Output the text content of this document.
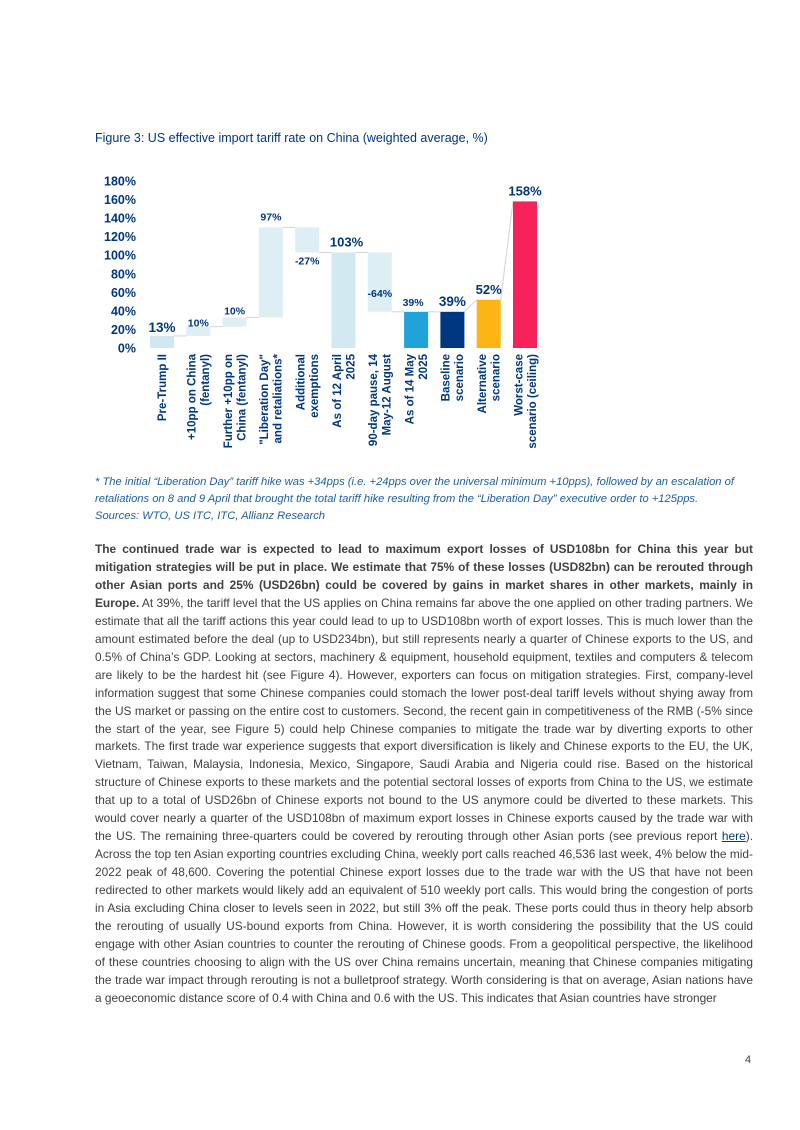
Figure 3: US effective import tariff rate on China (weighted average, %)

0%
20%
40%
60%
80%
100%
120%
140%
160%
180%
13% 10%
10%
97%
-27%
103%
-64%
39% 39%
52%
158%
Pre-Trump II +10pp on China (fentanyl) Further +10pp on China (fentanyl) "Liberation Day" and retaliations* Additional exemptions As of 12 April 2025 90-day pause, 14 May-12 August As of 14 May 2025 Baseline scenario Alternative scenario Worst-case scenario (ceiling)

* The initial “Liberation Day” tariff hike was +34pps (i.e. +24pps over the universal minimum +10pps), followed by an escalation of retaliations on 8 and 9 April that brought the total tariff hike resulting from the “Liberation Day” executive order to +125pps.

Sources: WTO, US ITC, ITC, Allianz Research

The continued trade war is expected to lead to maximum export losses of USD108bn for China this year but mitigation strategies will be put in place. We estimate that 75% of these losses (USD82bn) can be rerouted through other Asian ports and 25% (USD26bn) could be covered by gains in market shares in other markets, mainly in Europe. At 39%, the tariff level that the US applies on China remains far above the one applied on other trading partners. We estimate that all the tariff actions this year could lead to up to USD108bn worth of export losses. This is much lower than the amount estimated before the deal (up to USD234bn), but still represents nearly a quarter of Chinese exports to the US, and 0.5% of China’s GDP. Looking at sectors, machinery & equipment, household equipment, textiles and computers & telecom are likely to be the hardest hit (see Figure 4). However, exporters can focus on mitigation strategies. First, company-level information suggest that some Chinese companies could stomach the lower post-deal tariff levels without shying away from the US market or passing on the entire cost to customers. Second, the recent gain in competitiveness of the RMB (-5% since the start of the year, see Figure 5) could help Chinese companies to mitigate the trade war by diverting exports to other markets. The first trade war experience suggests that export diversification is likely and Chinese exports to the EU, the UK, Vietnam, Taiwan, Malaysia, Indonesia, Mexico, Singapore, Saudi Arabia and Nigeria could rise. Based on the historical structure of Chinese exports to these markets and the potential sectoral losses of exports from China to the US, we estimate that up to a total of USD26bn of Chinese exports not bound to the US anymore could be diverted to these markets. This would cover nearly a quarter of the USD108bn of maximum export losses in Chinese exports caused by the trade war with the US. The remaining three-quarters could be covered by rerouting through other Asian ports (see previous report here). Across the top ten Asian exporting countries excluding China, weekly port calls reached 46,536 last week, 4% below the mid-2022 peak of 48,600. Covering the potential Chinese export losses due to the trade war with the US that have not been redirected to other markets would likely add an equivalent of 510 weekly port calls. This would bring the congestion of ports in Asia excluding China closer to levels seen in 2022, but still 3% off the peak. These ports could thus in theory help absorb the rerouting of usually US-bound exports from China. However, it is worth considering the possibility that the US could engage with other Asian countries to counter the rerouting of Chinese goods. From a geopolitical perspective, the likelihood of these countries choosing to align with the US over China remains uncertain, meaning that Chinese companies mitigating the trade war impact through rerouting is not a bulletproof strategy. Worth considering is that on average, Asian nations have a geoeconomic distance score of 0.4 with China and 0.6 with the US. This indicates that Asian countries have stronger

4
